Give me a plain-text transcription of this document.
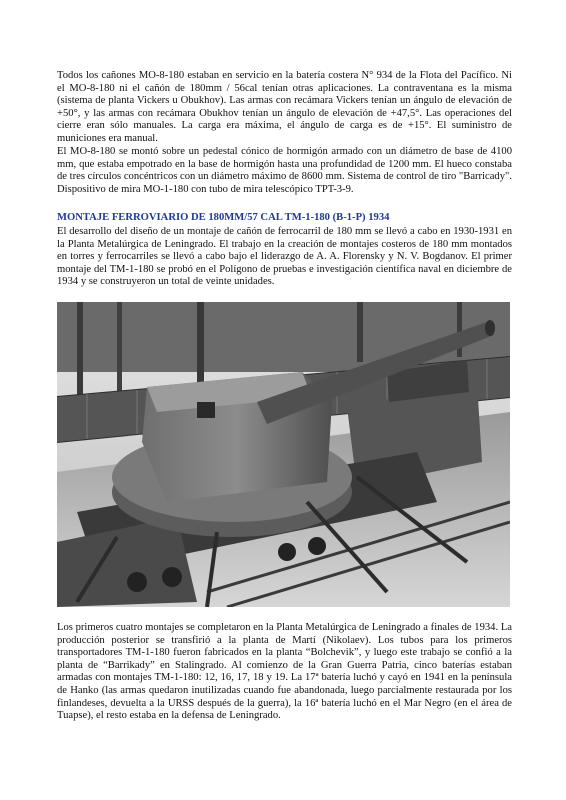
Todos los cañones MO-8-180 estaban en servicio en la batería costera N° 934 de la Flota del Pacífico. Ni el MO-8-180 ni el cañón de 180mm / 56cal tenían otras aplicaciones. La contraventana es la misma (sistema de planta Vickers u Obukhov). Las armas con recámara Vickers tenían un ángulo de elevación de +50°, y las armas con recámara Obukhov tenían un ángulo de elevación de +47,5°. Las operaciones del cierre eran sólo manuales. La carga era máxima, el ángulo de carga es de +15°. El suministro de municiones era manual.

El MO-8-180 se montó sobre un pedestal cónico de hormigón armado con un diámetro de base de 4100 mm, que estaba empotrado en la base de hormigón hasta una profundidad de 1200 mm. El hueco constaba de tres círculos concéntricos con un diámetro máximo de 8600 mm. Sistema de control de tiro "Barricady". Dispositivo de mira MO-1-180 con tubo de mira telescópico TPT-3-9.

MONTAJE FERROVIARIO DE 180MM/57 CAL TM-1-180 (B-1-P) 1934

El desarrollo del diseño de un montaje de cañón de ferrocarril de 180 mm se llevó a cabo en 1930-1931 en la Planta Metalúrgica de Leningrado. El trabajo en la creación de montajes costeros de 180 mm montados en torres y ferrocarriles se llevó a cabo bajo el liderazgo de A. A. Florensky y N. V. Bogdanov. El primer montaje del TM-1-180 se probó en el Polígono de pruebas e investigación científica naval en diciembre de 1934 y se construyeron un total de veinte unidades.

Los primeros cuatro montajes se completaron en la Planta Metalúrgica de Leningrado a finales de 1934. La producción posterior se transfirió a la planta de Martí (Nikolaev). Los tubos para los primeros transportadores TM-1-180 fueron fabricados en la planta “Bolchevik”, y luego este trabajo se confió a la planta de “Barrikady” en Stalingrado. Al comienzo de la Gran Guerra Patria, cinco baterías estaban armadas con montajes TM-1-180: 12, 16, 17, 18 y 19. La 17ª batería luchó y cayó en 1941 en la península de Hanko (las armas quedaron inutilizadas cuando fue abandonada, luego parcialmente restaurada por los finlandeses, devuelta a la URSS después de la guerra), la 16ª batería luchó en el Mar Negro (en el área de Tuapse), el resto estaba en la defensa de Leningrado.
